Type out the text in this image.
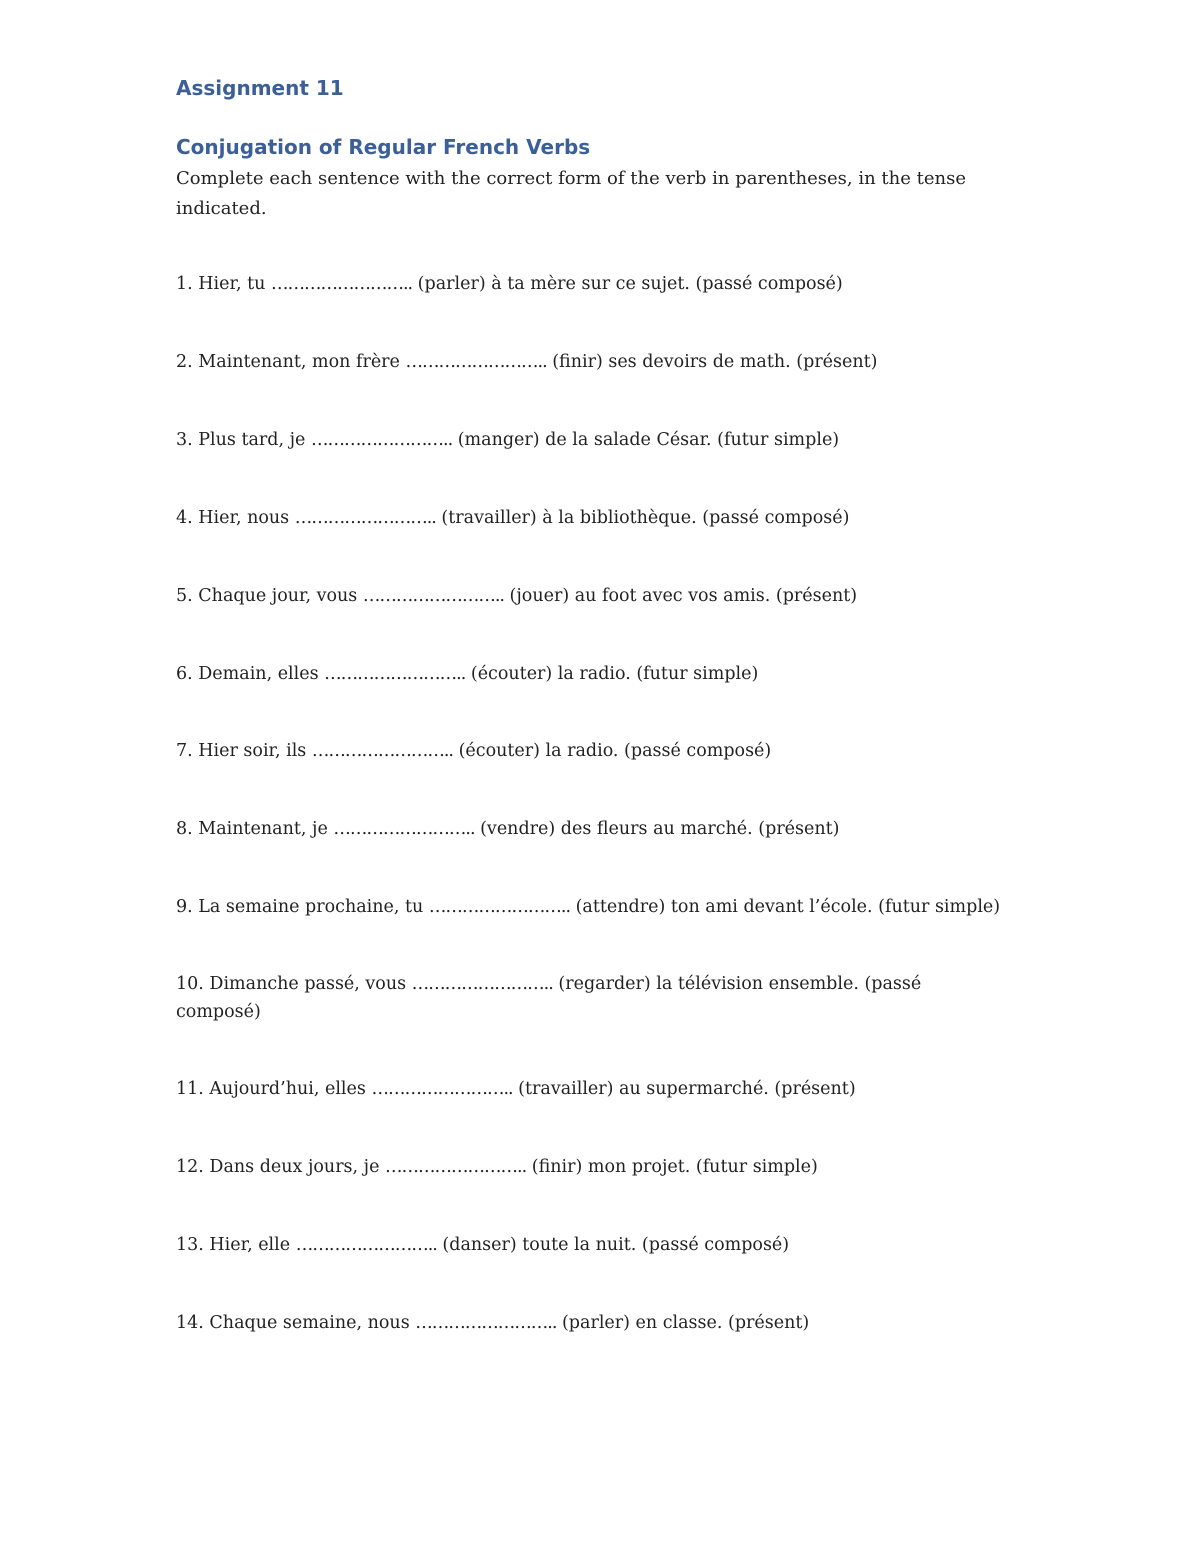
Assignment 11
Conjugation of Regular French Verbs

Complete each sentence with the correct form of the verb in parentheses, in the tense indicated.

1. Hier, tu …………………….. (parler) à ta mère sur ce sujet. (passé composé)

2. Maintenant, mon frère …………………….. (finir) ses devoirs de math. (présent)

3. Plus tard, je …………………….. (manger) de la salade César. (futur simple)

4. Hier, nous …………………….. (travailler) à la bibliothèque. (passé composé)

5. Chaque jour, vous …………………….. (jouer) au foot avec vos amis. (présent)

6. Demain, elles …………………….. (écouter) la radio. (futur simple)

7. Hier soir, ils …………………….. (écouter) la radio. (passé composé)

8. Maintenant, je …………………….. (vendre) des fleurs au marché. (présent)

9. La semaine prochaine, tu …………………….. (attendre) ton ami devant l’école. (futur simple)

10. Dimanche passé, vous …………………….. (regarder) la télévision ensemble. (passé composé)

11. Aujourd’hui, elles …………………….. (travailler) au supermarché. (présent)

12. Dans deux jours, je …………………….. (finir) mon projet. (futur simple)

13. Hier, elle …………………….. (danser) toute la nuit. (passé composé)

14. Chaque semaine, nous …………………….. (parler) en classe. (présent)
